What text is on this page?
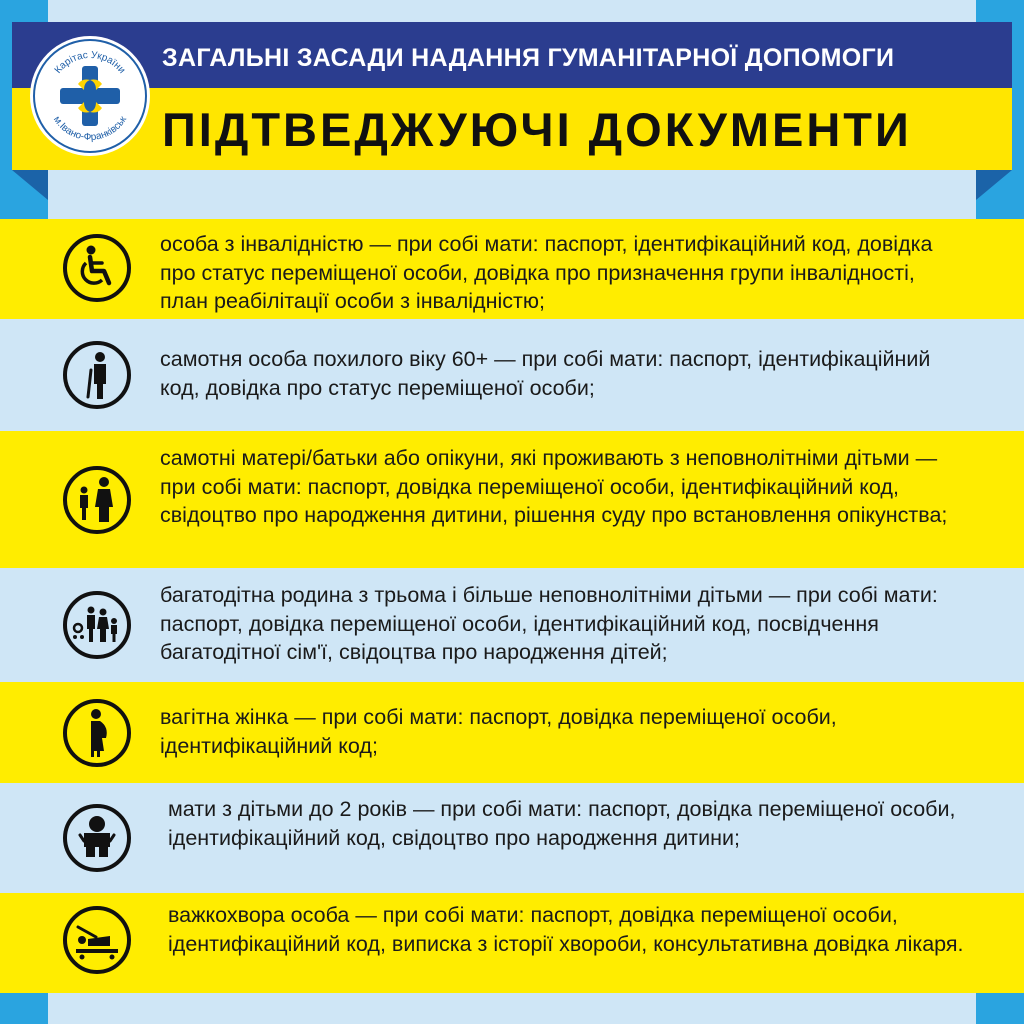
особа з інвалідністю — при собі мати: паспорт, ідентифікаційний код, довідка про статус переміщеної особи, довідка про призначення групи інвалідності, план реабілітації особи з інвалідністю;
самотня особа похилого віку 60+ — при собі мати: паспорт, ідентифікаційний код, довідка про статус переміщеної особи;
самотні матері/батьки або опікуни, які проживають з неповнолітніми дітьми — при собі мати: паспорт, довідка переміщеної особи, ідентифікаційний код, свідоцтво про народження дитини, рішення суду про встановлення опікунства;
багатодітна родина з трьома і більше неповнолітніми дітьми — при собі мати: паспорт, довідка переміщеної особи, ідентифікаційний код, посвідчення багатодітної сім'ї, свідоцтва про народження дітей;
вагітна жінка — при собі мати: паспорт, довідка переміщеної особи, ідентифікаційний код;
мати з дітьми до 2 років — при собі мати: паспорт, довідка переміщеної особи, ідентифікаційний код, свідоцтво про народження дитини;
важкохвора особа — при собі мати: паспорт, довідка переміщеної особи, ідентифікаційний код, виписка з історії хвороби, консультативна довідка лікаря.
ЗАГАЛЬНІ ЗАСАДИ НАДАННЯ ГУМАНІТАРНОЇ ДОПОМОГИ
ПІДТВЕДЖУЮЧІ ДОКУМЕНТИ
Карітас України
м.Івано-Франківськ
